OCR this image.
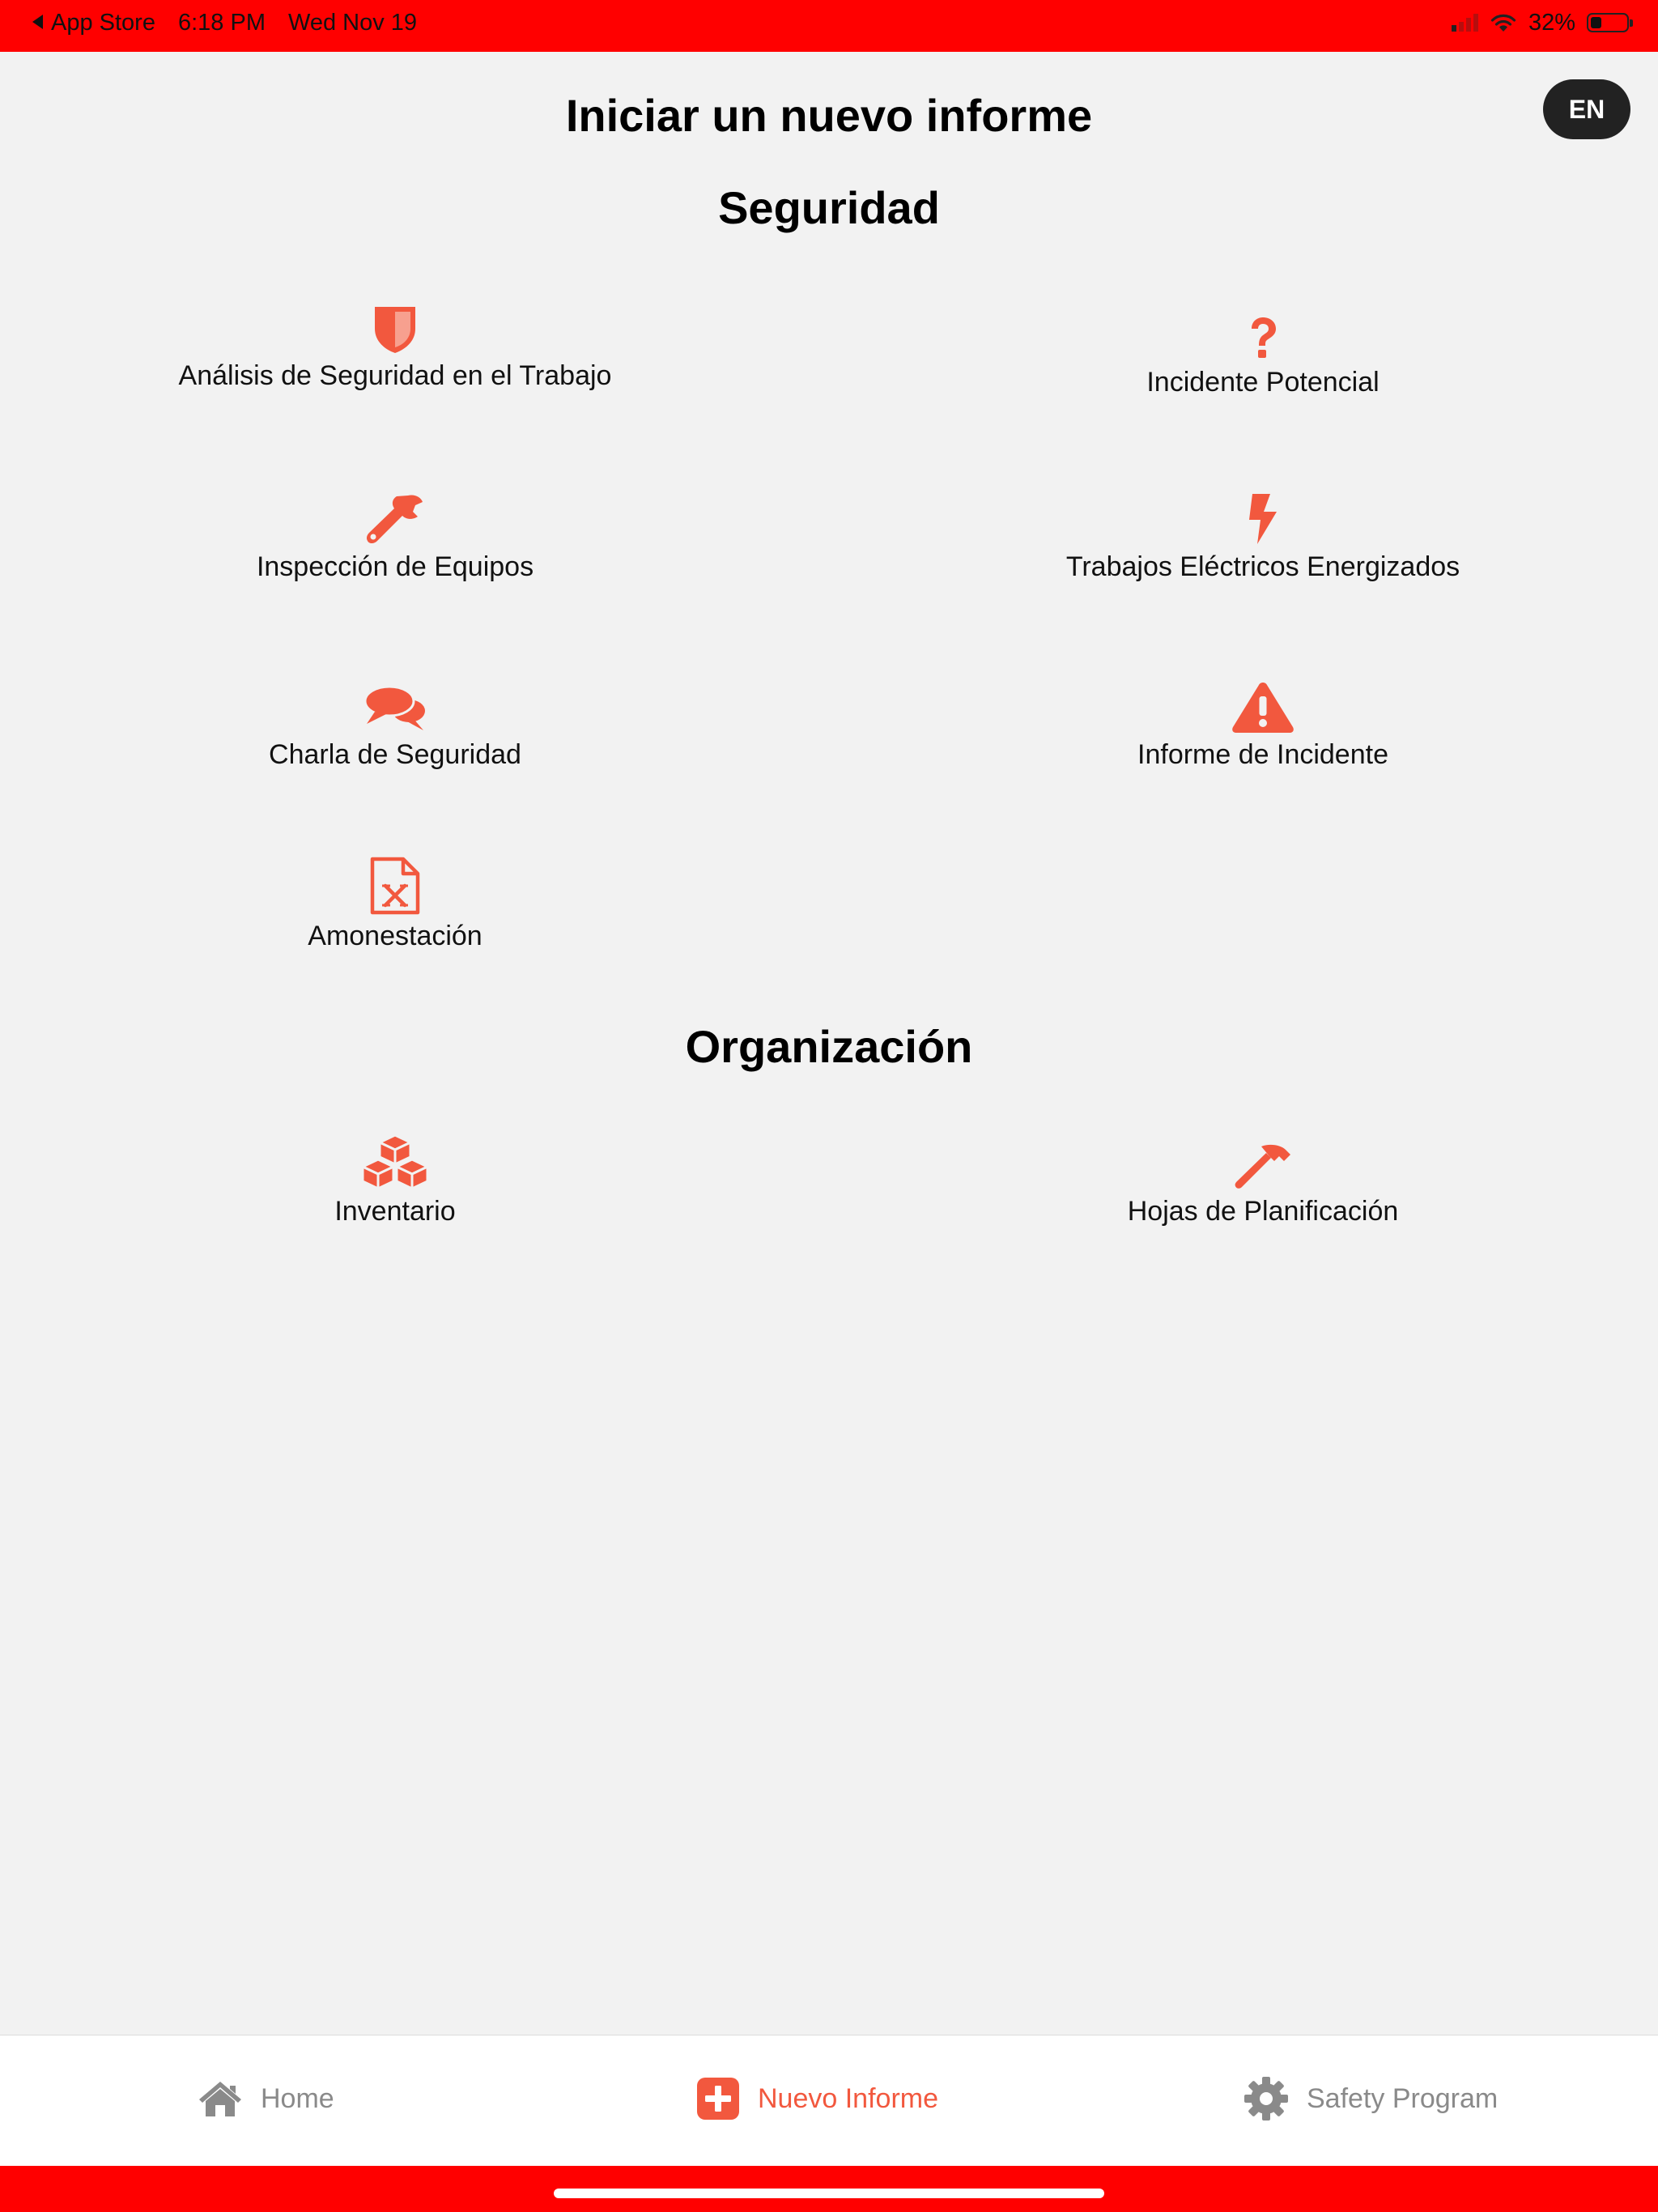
App Store 6:18 PM Wed Nov 19	32%
Iniciar un nuevo informe	EN
Seguridad
Análisis de Seguridad en el Trabajo	Incidente Potencial
Inspección de Equipos	Trabajos Eléctricos Energizados
Charla de Seguridad	Informe de Incidente
Amonestación
Organización
Inventario	Hojas de Planificación
Home	Nuevo Informe	Safety Program
